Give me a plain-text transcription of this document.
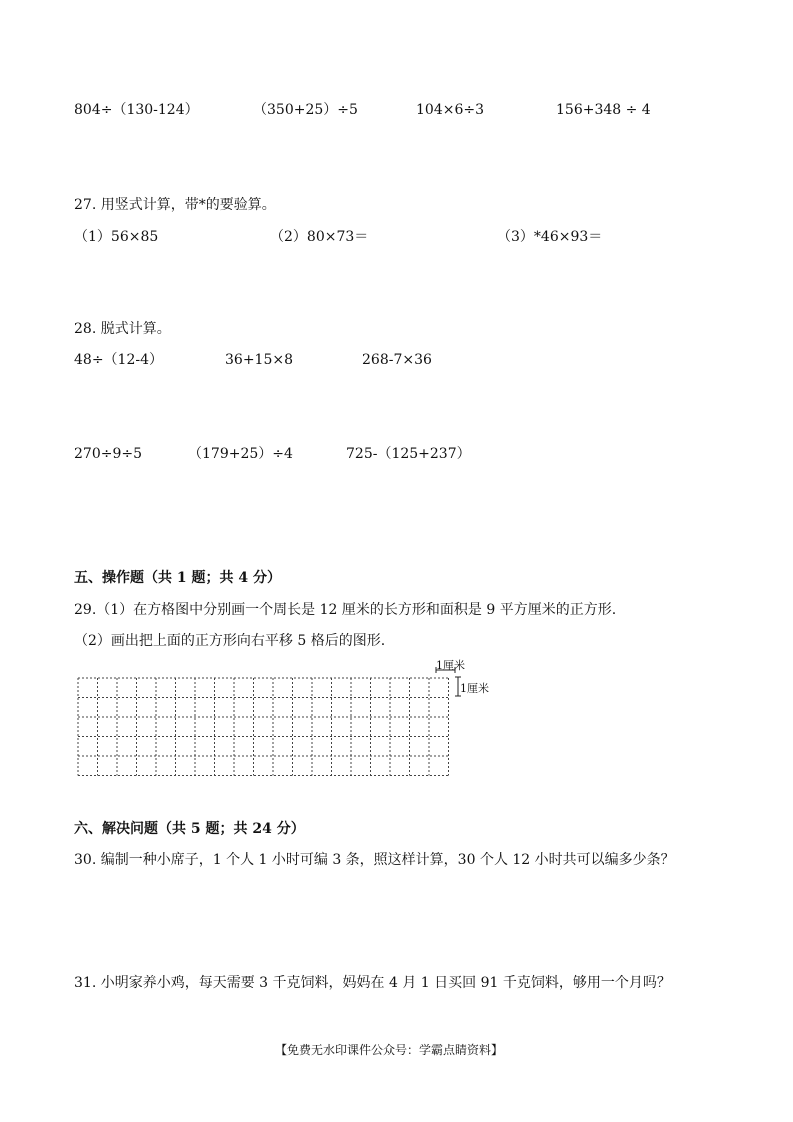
804÷（130-124）	（350+25）÷5	104×6÷3	156+348 ÷ 4
27. 用竖式计算，带*的要验算。
（1）56×85	（2）80×73＝	（3）*46×93＝
28. 脱式计算。
48÷（12-4）	36+15×8	268-7×36
270÷9÷5	（179+25）÷4	725-（125+237）
五、操作题（共 1 题；共 4 分）
29.（1）在方格图中分别画一个周长是 12 厘米的长方形和面积是 9 平方厘米的正方形.
（2）画出把上面的正方形向右平移 5 格后的图形.
1厘米
1厘米
六、解决问题（共 5 题；共 24 分）
30. 编制一种小席子，1 个人 1 小时可编 3 条，照这样计算，30 个人 12 小时共可以编多少条？
31. 小明家养小鸡，每天需要 3 千克饲料，妈妈在 4 月 1 日买回 91 千克饲料，够用一个月吗？
【免费无水印课件公众号：学霸点睛资料】
